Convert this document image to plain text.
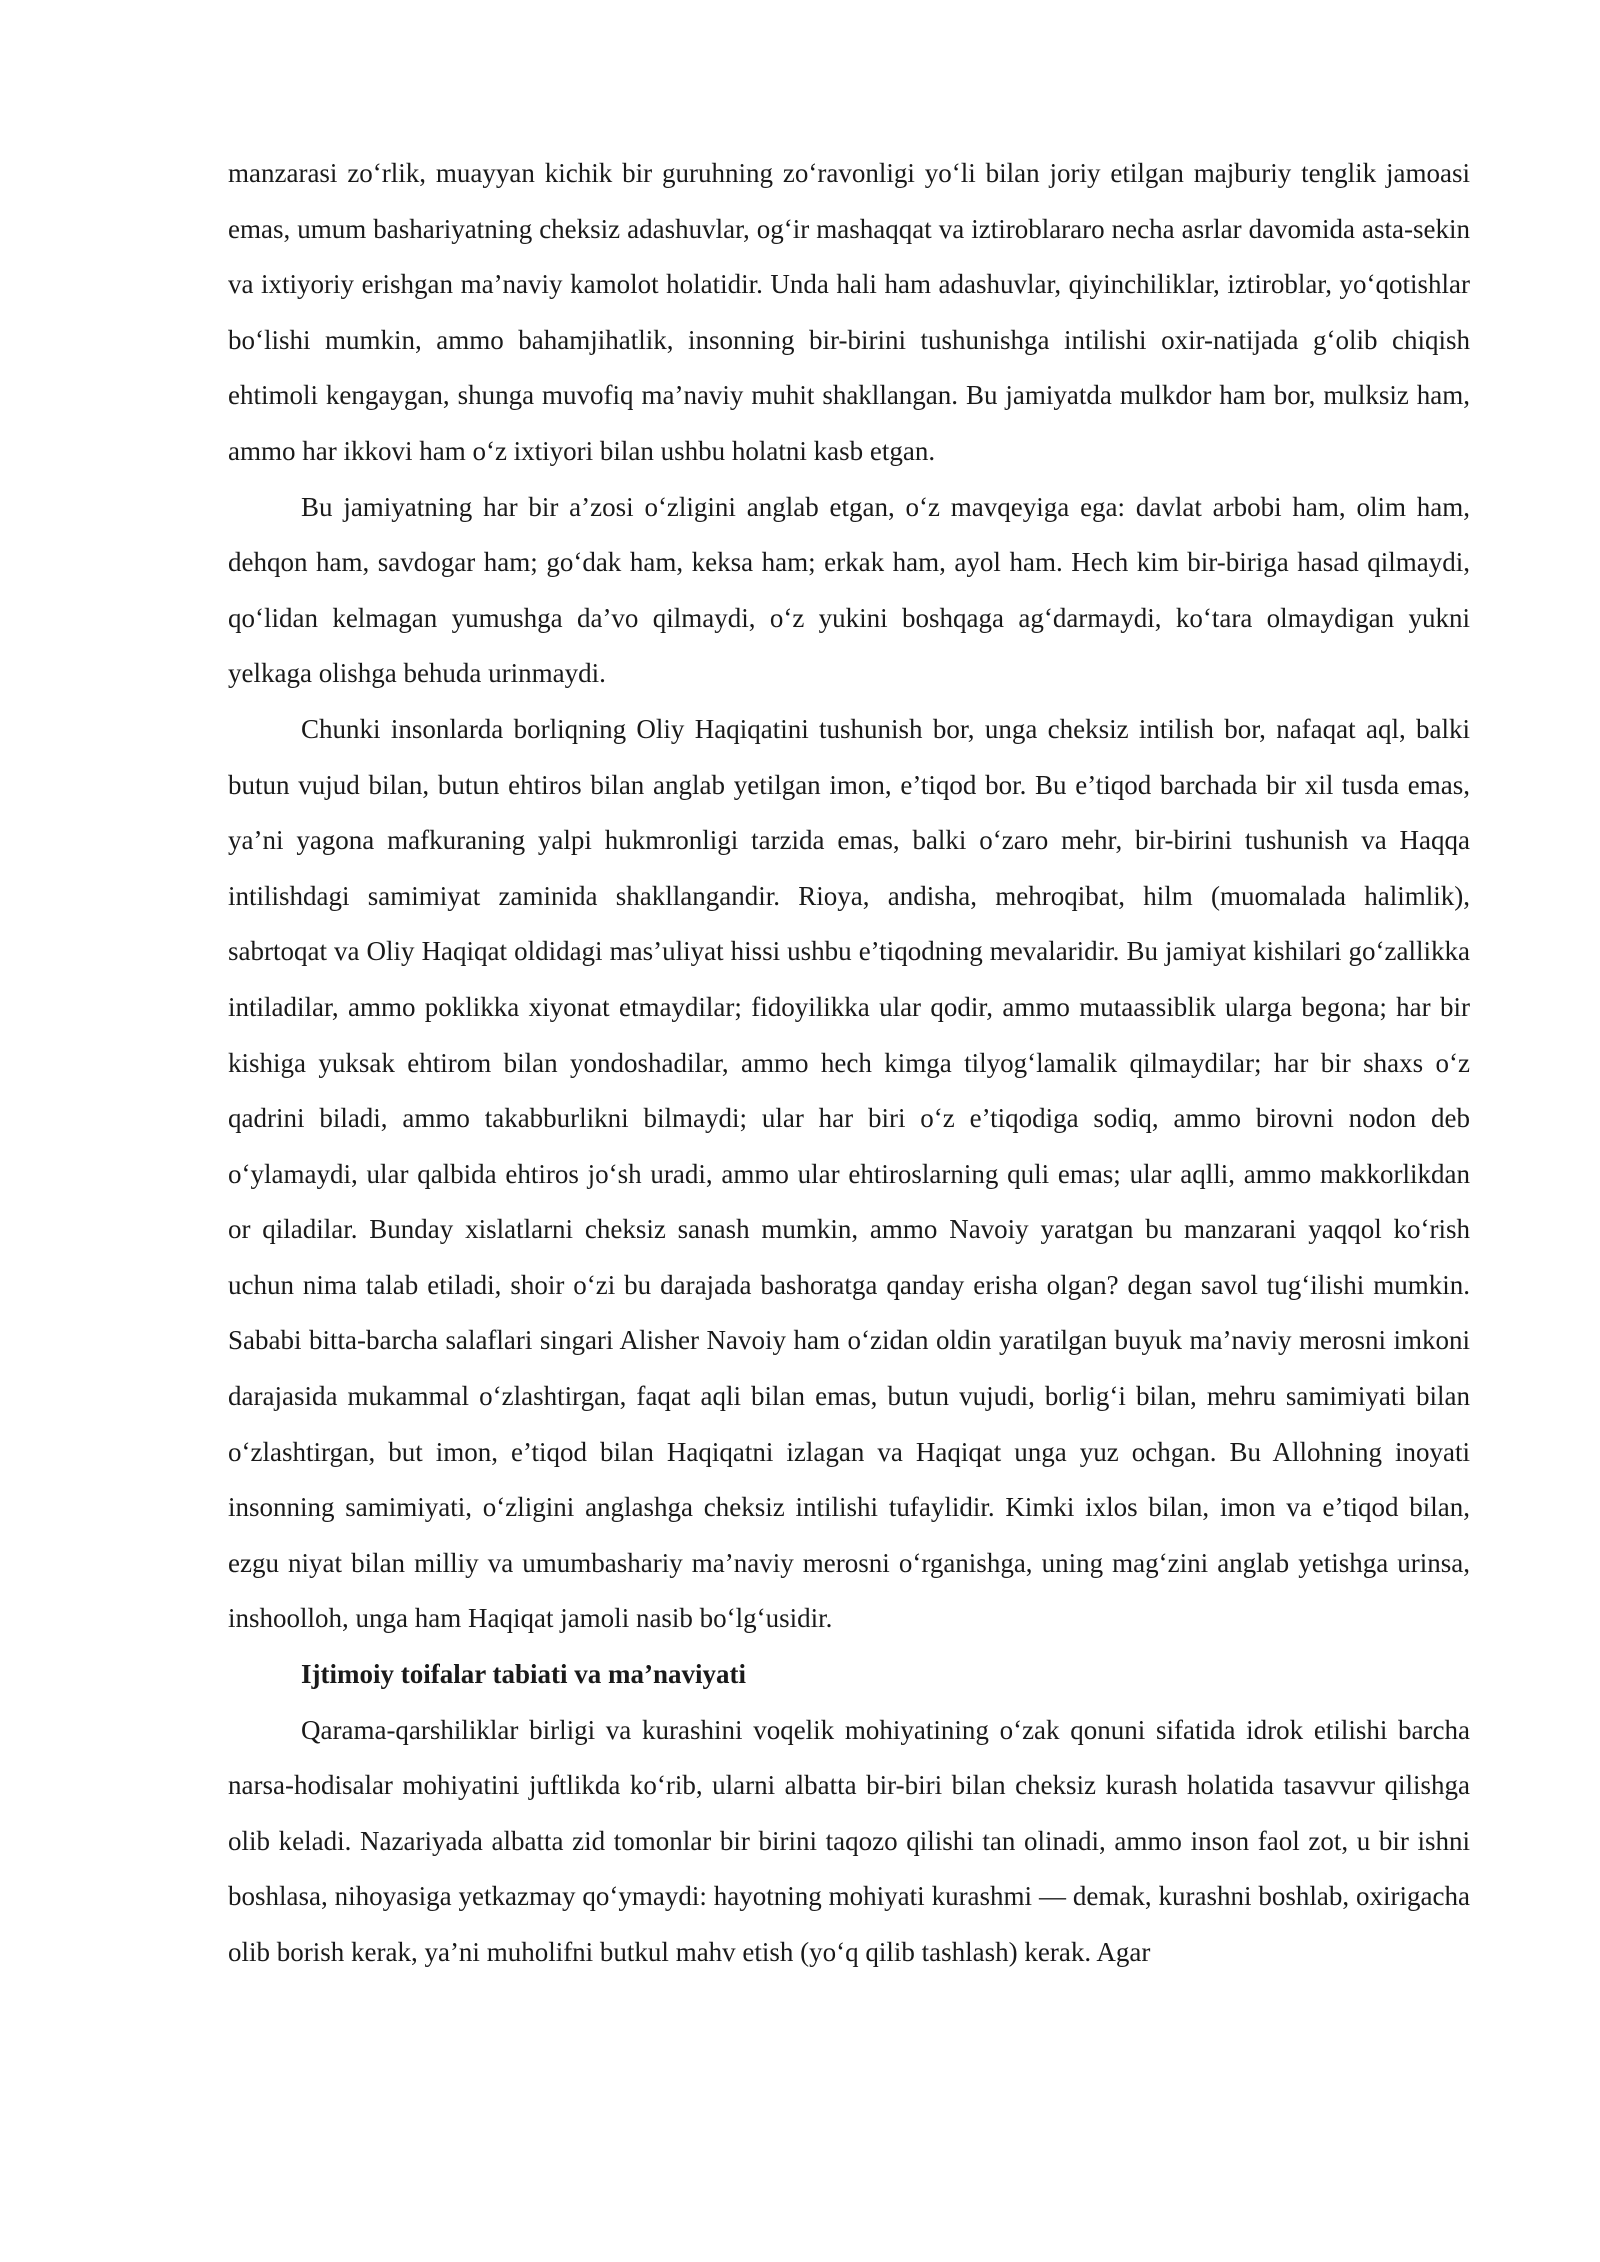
manzarasi zo‘rlik, muayyan kichik bir guruhning zo‘ravonligi yo‘li bilan joriy etilgan majburiy tenglik jamoasi emas, umum bashariyatning cheksiz adashuvlar, og‘ir mashaqqat va iztiroblararo necha asrlar davomida asta-sekin va ixtiyoriy erishgan ma’naviy kamolot holatidir. Unda hali ham adashuvlar, qiyinchiliklar, iztiroblar, yo‘qotishlar bo‘lishi mumkin, ammo bahamjihatlik, insonning bir-birini tushunishga intilishi oxir-natijada g‘olib chiqish ehtimoli kengaygan, shunga muvofiq ma’naviy muhit shakllangan. Bu jamiyatda mulkdor ham bor, mulksiz ham, ammo har ikkovi ham o‘z ixtiyori bilan ushbu holatni kasb etgan.

Bu jamiyatning har bir a’zosi o‘zligini anglab etgan, o‘z mavqeyiga ega: davlat arbobi ham, olim ham, dehqon ham, savdogar ham; go‘dak ham, keksa ham; erkak ham, ayol ham. Hech kim bir-biriga hasad qilmaydi, qo‘lidan kelmagan yumushga da’vo qilmaydi, o‘z yukini boshqaga ag‘darmaydi, ko‘tara olmaydigan yukni yelkaga olishga behuda urinmaydi.

Chunki insonlarda borliqning Oliy Haqiqatini tushunish bor, unga cheksiz intilish bor, nafaqat aql, balki butun vujud bilan, butun ehtiros bilan anglab yetilgan imon, e’tiqod bor. Bu e’tiqod barchada bir xil tusda emas, ya’ni yagona mafkuraning yalpi hukmronligi tarzida emas, balki o‘zaro mehr, bir-birini tushunish va Haqqa intilishdagi samimiyat zaminida shakllangandir. Rioya, andisha, mehroqibat, hilm (muomalada halimlik), sabrtoqat va Oliy Haqiqat oldidagi mas’uliyat hissi ushbu e’tiqodning mevalaridir. Bu jamiyat kishilari go‘zallikka intiladilar, ammo poklikka xiyonat etmaydilar; fidoyilikka ular qodir, ammo mutaassiblik ularga begona; har bir kishiga yuksak ehtirom bilan yondoshadilar, ammo hech kimga tilyog‘lamalik qilmaydilar; har bir shaxs o‘z qadrini biladi, ammo takabburlikni bilmaydi; ular har biri o‘z e’tiqodiga sodiq, ammo birovni nodon deb o‘ylamaydi, ular qalbida ehtiros jo‘sh uradi, ammo ular ehtiroslarning quli emas; ular aqlli, ammo makkorlikdan or qiladilar. Bunday xislatlarni cheksiz sanash mumkin, ammo Navoiy yaratgan bu manzarani yaqqol ko‘rish uchun nima talab etiladi, shoir o‘zi bu darajada bashoratga qanday erisha olgan? degan savol tug‘ilishi mumkin. Sababi bitta-barcha salaflari singari Alisher Navoiy ham o‘zidan oldin yaratilgan buyuk ma’naviy merosni imkoni darajasida mukammal o‘zlashtirgan, faqat aqli bilan emas, butun vujudi, borlig‘i bilan, mehru samimiyati bilan o‘zlashtirgan, but imon, e’tiqod bilan Haqiqatni izlagan va Haqiqat unga yuz ochgan. Bu Allohning inoyati insonning samimiyati, o‘zligini anglashga cheksiz intilishi tufaylidir. Kimki ixlos bilan, imon va e’tiqod bilan, ezgu niyat bilan milliy va umumbashariy ma’naviy merosni o‘rganishga, uning mag‘zini anglab yetishga urinsa, inshoolloh, unga ham Haqiqat jamoli nasib bo‘lg‘usidir.

Ijtimoiy toifalar tabiati va ma’naviyati

Qarama-qarshiliklar birligi va kurashini voqelik mohiyatining o‘zak qonuni sifatida idrok etilishi barcha narsa-hodisalar mohiyatini juftlikda ko‘rib, ularni albatta bir-biri bilan cheksiz kurash holatida tasavvur qilishga olib keladi. Nazariyada albatta zid tomonlar bir birini taqozo qilishi tan olinadi, ammo inson faol zot, u bir ishni boshlasa, nihoyasiga yetkazmay qo‘ymaydi: hayotning mohiyati kurashmi — demak, kurashni boshlab, oxirigacha olib borish kerak, ya’ni muholifni butkul mahv etish (yo‘q qilib tashlash) kerak. Agar
